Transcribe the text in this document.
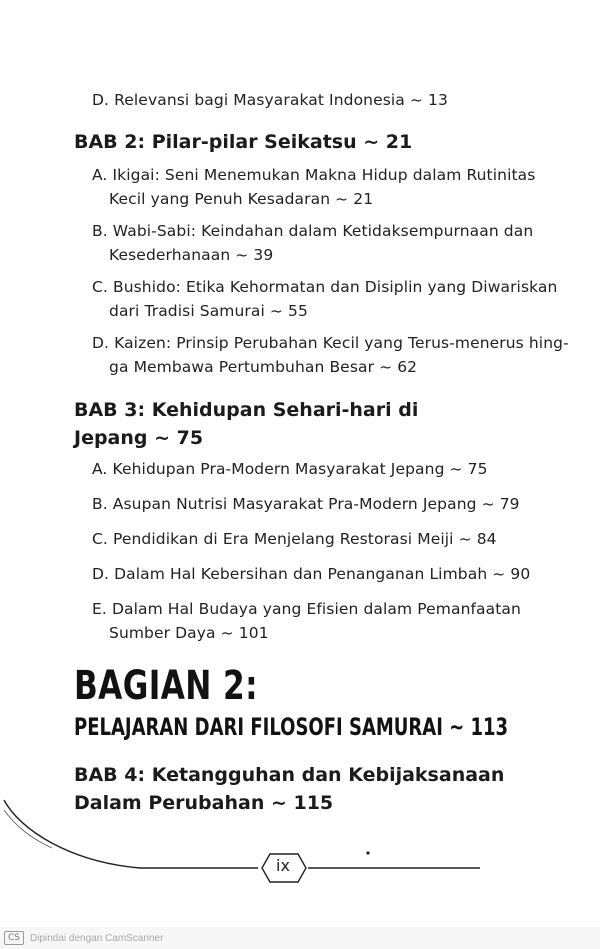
D. Relevansi bagi Masyarakat Indonesia ~ 13
BAB 2: Pilar-pilar Seikatsu ~ 21
A. Ikigai: Seni Menemukan Makna Hidup dalam Rutinitas
Kecil yang Penuh Kesadaran ~ 21
B. Wabi-Sabi: Keindahan dalam Ketidaksempurnaan dan
Kesederhanaan ~ 39
C. Bushido: Etika Kehormatan dan Disiplin yang Diwariskan
dari Tradisi Samurai ~ 55
D. Kaizen: Prinsip Perubahan Kecil yang Terus-menerus hing-
ga Membawa Pertumbuhan Besar ~ 62
BAB 3: Kehidupan Sehari-hari di
Jepang ~ 75
A. Kehidupan Pra-Modern Masyarakat Jepang ~ 75
B. Asupan Nutrisi Masyarakat Pra-Modern Jepang ~ 79
C. Pendidikan di Era Menjelang Restorasi Meiji ~ 84
D. Dalam Hal Kebersihan dan Penanganan Limbah ~ 90
E. Dalam Hal Budaya yang Efisien dalam Pemanfaatan
Sumber Daya ~ 101
BAGIAN 2:
PELAJARAN DARI FILOSOFI SAMURAI ~ 113
BAB 4: Ketangguhan dan Kebijaksanaan
Dalam Perubahan ~ 115
ix
CS	Dipindai dengan CamScanner
